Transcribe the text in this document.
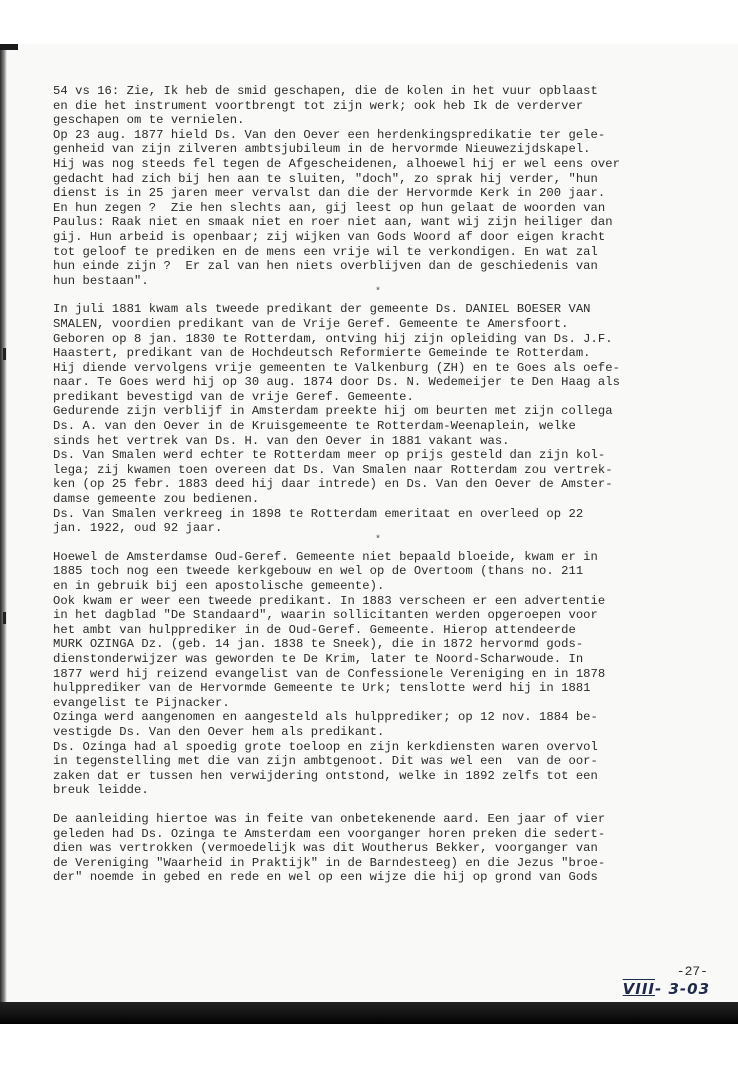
54 vs 16: Zie, Ik heb de smid geschapen, die de kolen in het vuur opblaast
en die het instrument voortbrengt tot zijn werk; ook heb Ik de verderver
geschapen om te vernielen.
Op 23 aug. 1877 hield Ds. Van den Oever een herdenkingspredikatie ter gele-
genheid van zijn zilveren ambtsjubileum in de hervormde Nieuwezijdskapel.
Hij was nog steeds fel tegen de Afgescheidenen, alhoewel hij er wel eens over
gedacht had zich bij hen aan te sluiten, "doch", zo sprak hij verder, "hun
dienst is in 25 jaren meer vervalst dan die der Hervormde Kerk in 200 jaar.
En hun zegen ?  Zie hen slechts aan, gij leest op hun gelaat de woorden van
Paulus: Raak niet en smaak niet en roer niet aan, want wij zijn heiliger dan
gij. Hun arbeid is openbaar; zij wijken van Gods Woord af door eigen kracht
tot geloof te prediken en de mens een vrije wil te verkondigen. En wat zal
hun einde zijn ?  Er zal van hen niets overblijven dan de geschiedenis van
hun bestaan".

*

In juli 1881 kwam als tweede predikant der gemeente Ds. DANIEL BOESER VAN
SMALEN, voordien predikant van de Vrije Geref. Gemeente te Amersfoort.
Geboren op 8 jan. 1830 te Rotterdam, ontving hij zijn opleiding van Ds. J.F.
Haastert, predikant van de Hochdeutsch Reformierte Gemeinde te Rotterdam.
Hij diende vervolgens vrije gemeenten te Valkenburg (ZH) en te Goes als oefe-
naar. Te Goes werd hij op 30 aug. 1874 door Ds. N. Wedemeijer te Den Haag als
predikant bevestigd van de vrije Geref. Gemeente.
Gedurende zijn verblijf in Amsterdam preekte hij om beurten met zijn collega
Ds. A. van den Oever in de Kruisgemeente te Rotterdam-Weenaplein, welke
sinds het vertrek van Ds. H. van den Oever in 1881 vakant was.
Ds. Van Smalen werd echter te Rotterdam meer op prijs gesteld dan zijn kol-
lega; zij kwamen toen overeen dat Ds. Van Smalen naar Rotterdam zou vertrek-
ken (op 25 febr. 1883 deed hij daar intrede) en Ds. Van den Oever de Amster-
damse gemeente zou bedienen.
Ds. Van Smalen verkreeg in 1898 te Rotterdam emeritaat en overleed op 22
jan. 1922, oud 92 jaar.

*

Hoewel de Amsterdamse Oud-Geref. Gemeente niet bepaald bloeide, kwam er in
1885 toch nog een tweede kerkgebouw en wel op de Overtoom (thans no. 211
en in gebruik bij een apostolische gemeente).
Ook kwam er weer een tweede predikant. In 1883 verscheen er een advertentie
in het dagblad "De Standaard", waarin sollicitanten werden opgeroepen voor
het ambt van hulpprediker in de Oud-Geref. Gemeente. Hierop attendeerde
MURK OZINGA Dz. (geb. 14 jan. 1838 te Sneek), die in 1872 hervormd gods-
dienstonderwijzer was geworden te De Krim, later te Noord-Scharwoude. In
1877 werd hij reizend evangelist van de Confessionele Vereniging en in 1878
hulpprediker van de Hervormde Gemeente te Urk; tenslotte werd hij in 1881
evangelist te Pijnacker.
Ozinga werd aangenomen en aangesteld als hulpprediker; op 12 nov. 1884 be-
vestigde Ds. Van den Oever hem als predikant.
Ds. Ozinga had al spoedig grote toeloop en zijn kerkdiensten waren overvol
in tegenstelling met die van zijn ambtgenoot. Dit was wel een  van de oor-
zaken dat er tussen hen verwijdering ontstond, welke in 1892 zelfs tot een
breuk leidde.

De aanleiding hiertoe was in feite van onbetekenende aard. Een jaar of vier
geleden had Ds. Ozinga te Amsterdam een voorganger horen preken die sedert-
dien was vertrokken (vermoedelijk was dit Woutherus Bekker, voorganger van
de Vereniging "Waarheid in Praktijk" in de Barndesteeg) en die Jezus "broe-
der" noemde in gebed en rede en wel op een wijze die hij op grond van Gods

-27-
VIII- 3-03
